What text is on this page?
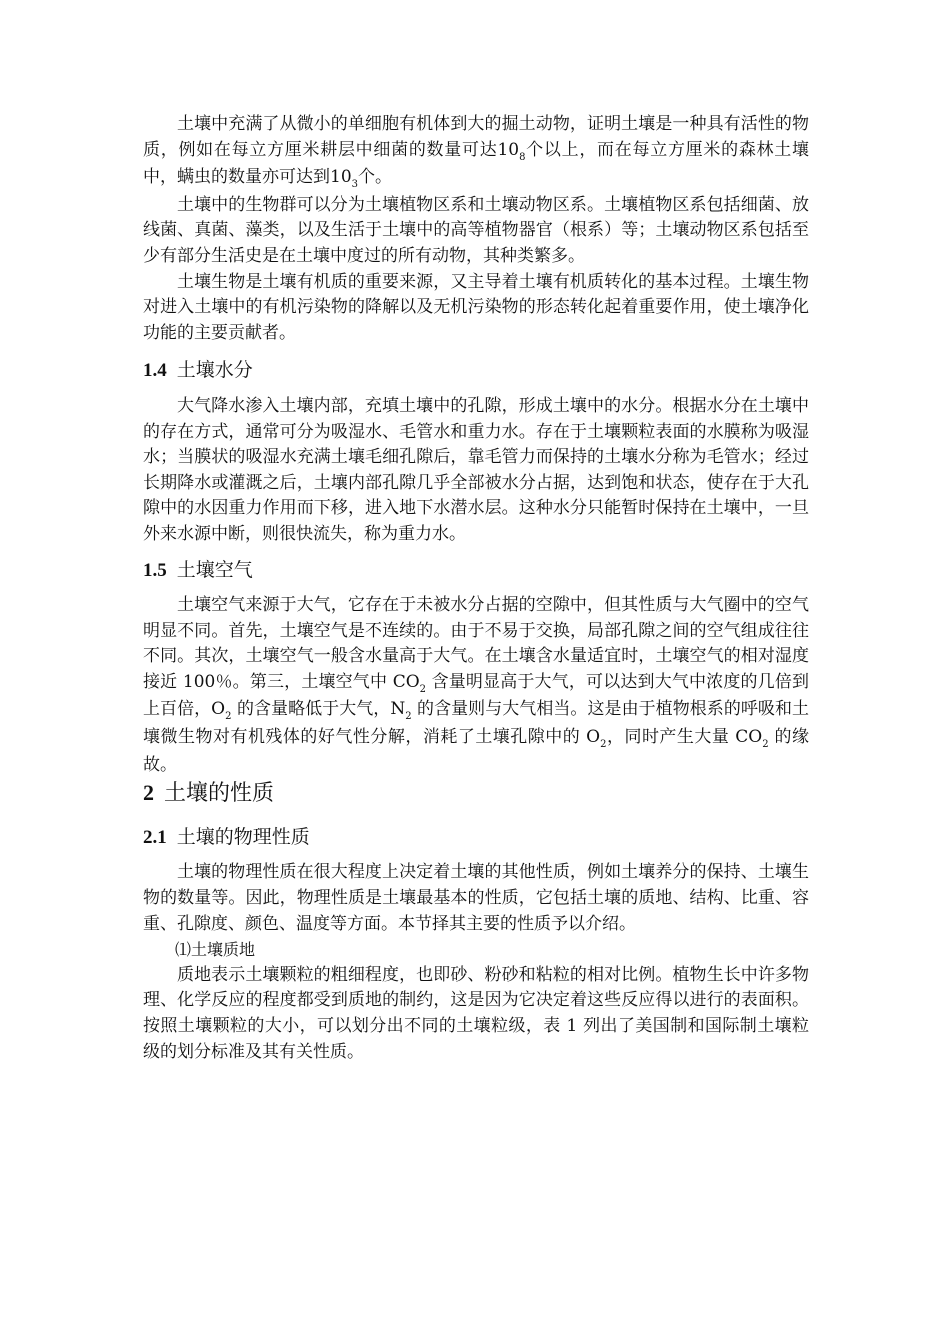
土壤中充满了从微小的单细胞有机体到大的掘土动物，证明土壤是一种具有活性的物质，例如在每立方厘米耕层中细菌的数量可达$10_8$个以上，而在每立方厘米的森林土壤中，螨虫的数量亦可达到$10_3$个。

土壤中的生物群可以分为土壤植物区系和土壤动物区系。土壤植物区系包括细菌、放线菌、真菌、藻类，以及生活于土壤中的高等植物器官（根系）等；土壤动物区系包括至少有部分生活史是在土壤中度过的所有动物，其种类繁多。

土壤生物是土壤有机质的重要来源，又主导着土壤有机质转化的基本过程。土壤生物对进入土壤中的有机污染物的降解以及无机污染物的形态转化起着重要作用，使土壤净化功能的主要贡献者。

1.4 土壤水分

大气降水渗入土壤内部，充填土壤中的孔隙，形成土壤中的水分。根据水分在土壤中的存在方式，通常可分为吸湿水、毛管水和重力水。存在于土壤颗粒表面的水膜称为吸湿水；当膜状的吸湿水充满土壤毛细孔隙后，靠毛管力而保持的土壤水分称为毛管水；经过长期降水或灌溉之后，土壤内部孔隙几乎全部被水分占据，达到饱和状态，使存在于大孔隙中的水因重力作用而下移，进入地下水潜水层。这种水分只能暂时保持在土壤中，一旦外来水源中断，则很快流失，称为重力水。

1.5 土壤空气

土壤空气来源于大气，它存在于未被水分占据的空隙中，但其性质与大气圈中的空气明显不同。首先，土壤空气是不连续的。由于不易于交换，局部孔隙之间的空气组成往往不同。其次，土壤空气一般含水量高于大气。在土壤含水量适宜时，土壤空气的相对湿度接近 100％。第三，土壤空气中 $CO_2$ 含量明显高于大气，可以达到大气中浓度的几倍到上百倍，$O_2$ 的含量略低于大气，$N_2$ 的含量则与大气相当。这是由于植物根系的呼吸和土壤微生物对有机残体的好气性分解，消耗了土壤孔隙中的 $O_2$，同时产生大量 $CO_2$ 的缘故。

2 土壤的性质
2.1 土壤的物理性质

土壤的物理性质在很大程度上决定着土壤的其他性质，例如土壤养分的保持、土壤生物的数量等。因此，物理性质是土壤最基本的性质，它包括土壤的质地、结构、比重、容重、孔隙度、颜色、温度等方面。本节择其主要的性质予以介绍。

⑴土壤质地

质地表示土壤颗粒的粗细程度，也即砂、粉砂和粘粒的相对比例。植物生长中许多物理、化学反应的程度都受到质地的制约，这是因为它决定着这些反应得以进行的表面积。按照土壤颗粒的大小，可以划分出不同的土壤粒级，表 1 列出了美国制和国际制土壤粒级的划分标准及其有关性质。
